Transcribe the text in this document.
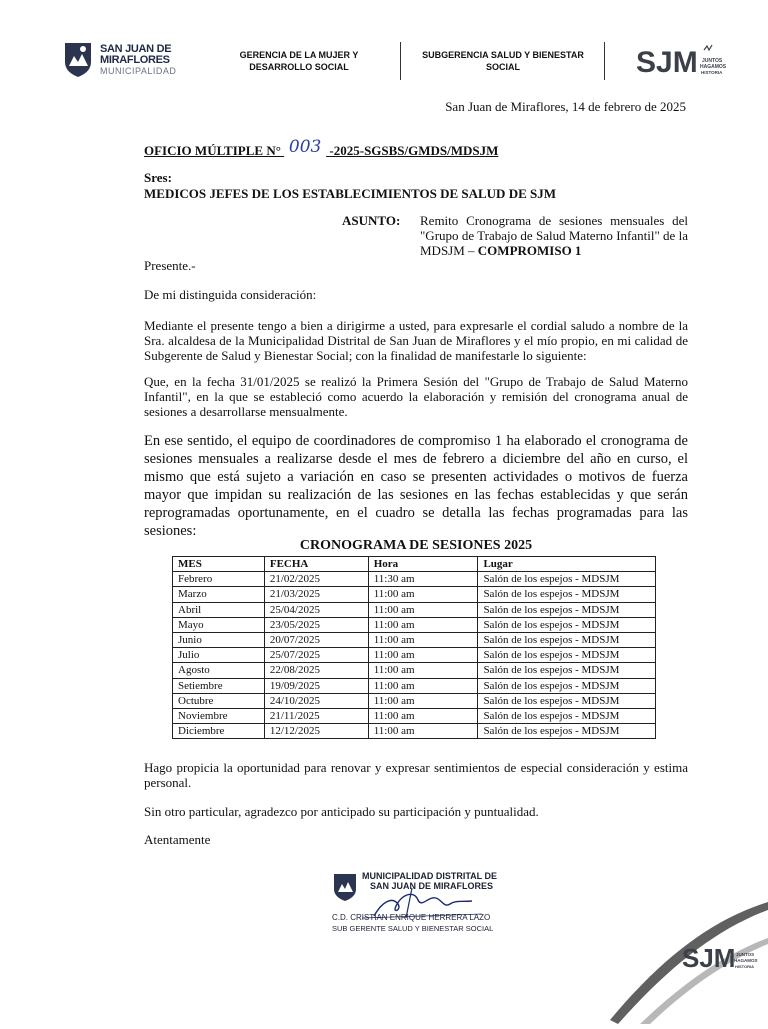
SAN JUAN DE
MIRAFLORES
MUNICIPALIDAD
GERENCIA DE LA MUJER Y DESARROLLO SOCIAL
SUBGERENCIA SALUD Y BIENESTAR SOCIAL	SJM JUNTOS
HAGAMOS
HISTORIA
San Juan de Miraflores, 14 de febrero de 2025
OFICIO MÚLTIPLE N° 003 -2025-SGSBS/GMDS/MDSJM
Sres:
MEDICOS JEFES DE LOS ESTABLECIMIENTOS DE SALUD DE SJM
ASUNTO: Remito Cronograma de sesiones mensuales del "Grupo de Trabajo de Salud Materno Infantil" de la MDSJM – COMPROMISO 1
Presente.-
De mi distinguida consideración:
Mediante el presente tengo a bien a dirigirme a usted, para expresarle el cordial saludo a nombre de la Sra. alcaldesa de la Municipalidad Distrital de San Juan de Miraflores y el mío propio, en mi calidad de Subgerente de Salud y Bienestar Social; con la finalidad de manifestarle lo siguiente:
Que, en la fecha 31/01/2025 se realizó la Primera Sesión del "Grupo de Trabajo de Salud Materno Infantil", en la que se estableció como acuerdo la elaboración y remisión del cronograma anual de sesiones a desarrollarse mensualmente.
En ese sentido, el equipo de coordinadores de compromiso 1 ha elaborado el cronograma de sesiones mensuales a realizarse desde el mes de febrero a diciembre del año en curso, el mismo que está sujeto a variación en caso se presenten actividades o motivos de fuerza mayor que impidan su realización de las sesiones en las fechas establecidas y que serán reprogramadas oportunamente, en el cuadro se detalla las fechas programadas para las sesiones:
CRONOGRAMA DE SESIONES 2025
MES	FECHA	Hora	Lugar
Febrero	21/02/2025	11:30 am	Salón de los espejos - MDSJM
Marzo	21/03/2025	11:00 am	Salón de los espejos - MDSJM
Abril	25/04/2025	11:00 am	Salón de los espejos - MDSJM
Mayo	23/05/2025	11:00 am	Salón de los espejos - MDSJM
Junio	20/07/2025	11:00 am	Salón de los espejos - MDSJM
Julio	25/07/2025	11:00 am	Salón de los espejos - MDSJM
Agosto	22/08/2025	11:00 am	Salón de los espejos - MDSJM
Setiembre	19/09/2025	11:00 am	Salón de los espejos - MDSJM
Octubre	24/10/2025	11:00 am	Salón de los espejos - MDSJM
Noviembre	21/11/2025	11:00 am	Salón de los espejos - MDSJM
Diciembre	12/12/2025	11:00 am	Salón de los espejos - MDSJM
Hago propicia la oportunidad para renovar y expresar sentimientos de especial consideración y estima personal.
Sin otro particular, agradezco por anticipado su participación y puntualidad.
Atentamente
MUNICIPALIDAD DISTRITAL DE
SAN JUAN DE MIRAFLORES
C.D. CRISTIAN ENRIQUE HERRERA LAZO
SUB GERENTE SALUD Y BIENESTAR SOCIAL
SJM JUNTOS
HAGAMOS
HISTORIA
